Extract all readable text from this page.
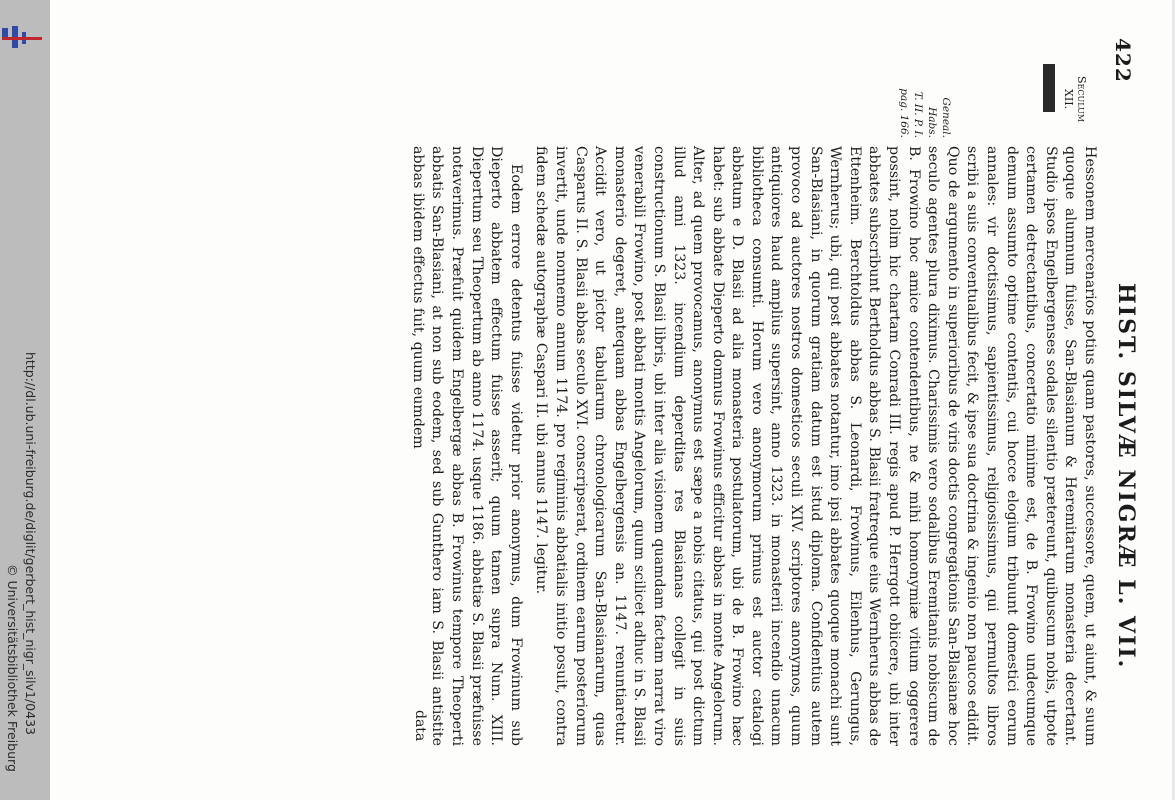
http://dl.ub.uni-freiburg.de/diglit/gerbert_hist_nigr_silv1/0433
© Universitätsbibliothek Freiburg
422
HIST. SILVÆ NIGRÆ L. VII.
Seculum
XII.
Geneal. Habs.
T. II. P. I.
pag. 166.

Hessonem mercenarios potius quam pastores, successore, quem, ut aiunt, & suum quoque alumnum fuisse, San-Blasianum & Heremitarum monasteria decertant. Studio ipsos Engelbergenses sodales silentio prætereunt, quibuscum nobis, utpote certamen detrectantibus, concertatio minime est, de B. Frowino undecumque demum assumto optime contentis, cui hocce elogium tribuunt domestici eorum annales: vir doctissimus, sapientissimus, religiosissimus, qui permultos libros scribi a suis conventualibus fecit, & ipse sua doctrina & ingenio non paucos edidit. Quo de argumento in superioribus de viris doctis congregationis San-Blasianæ hoc seculo agentes plura diximus. Charissimis vero sodalibus Eremitanis nobiscum de B. Frowino hoc amice contendentibus, ne & mihi homonymiæ vitium oggerere possint, nolim hic chartam Conradi III. regis apud P. Herrgott obiicere, ubi inter abbates subscribunt Bertholdus abbas S. Blasii fratreque eius Wernherus abbas de Ettenheim. Berchtoldus abbas S. Leonardi, Frowinus, Eilenhus, Gerungus, Wernherus; ubi, qui post abbates notantur, imo ipsi abbates quoque monachi sunt San-Blasiani, in quorum gratiam datum est istud diploma. Confidentius autem provoco ad auctores nostros domesticos seculi XIV. scriptores anonymos, quum antiquiores haud amplius supersint, anno 1323. in monasterii incendio unacum bibliotheca consumti. Horum vero anonymorum primus est auctor catalogi abbatum e D. Blasii ad alia monasteria postulatorum, ubi de B. Frowino hæc habet: sub abbate Dieperto domnus Frowinus efficitur abbas in monte Angelorum. Alter, ad quem provocamus, anonymus est sæpe a nobis citatus, qui post dictum illud anni 1323. incendium deperditas res Blasianas collegit in suis constructionum S. Blasii libris, ubi inter alia visionem quamdam factam narrat viro venerabili Frowino, post abbati montis Angelorum, quum scilicet adhuc in S. Blasii monasterio degeret, antequam abbas Engelbergensis an. 1147. renuntiaretur. Accidit vero, ut pictor tabularum chronologicarum San-Blasianarum, quas Casparus II. S. Blasii abbas seculo XVI. conscripserat, ordinem earum posteriorum invertit, unde nonnemo annum 1174. pro regiminis abbatialis initio posuit, contra fidem schedæ autographæ Caspari II. ubi annus 1147. legitur.

Eodem errore detentus fuisse videtur prior anonymus, dum Frowinum sub Dieperto abbatem effectum fuisse asserit; quum tamen supra Num. XIII. Diepertum seu Theopertum ab anno 1174. usque 1186. abbatiæ S. Blasii præfuisse notaverimus. Præfuit quidem Engelbergæ abbas B. Frowinus tempore Theoperti abbatis San-Blasiani, at non sub eodem, sed sub Gunthero iam S. Blasii antistite abbas ibidem effectus fuit, quum eumdem

data
